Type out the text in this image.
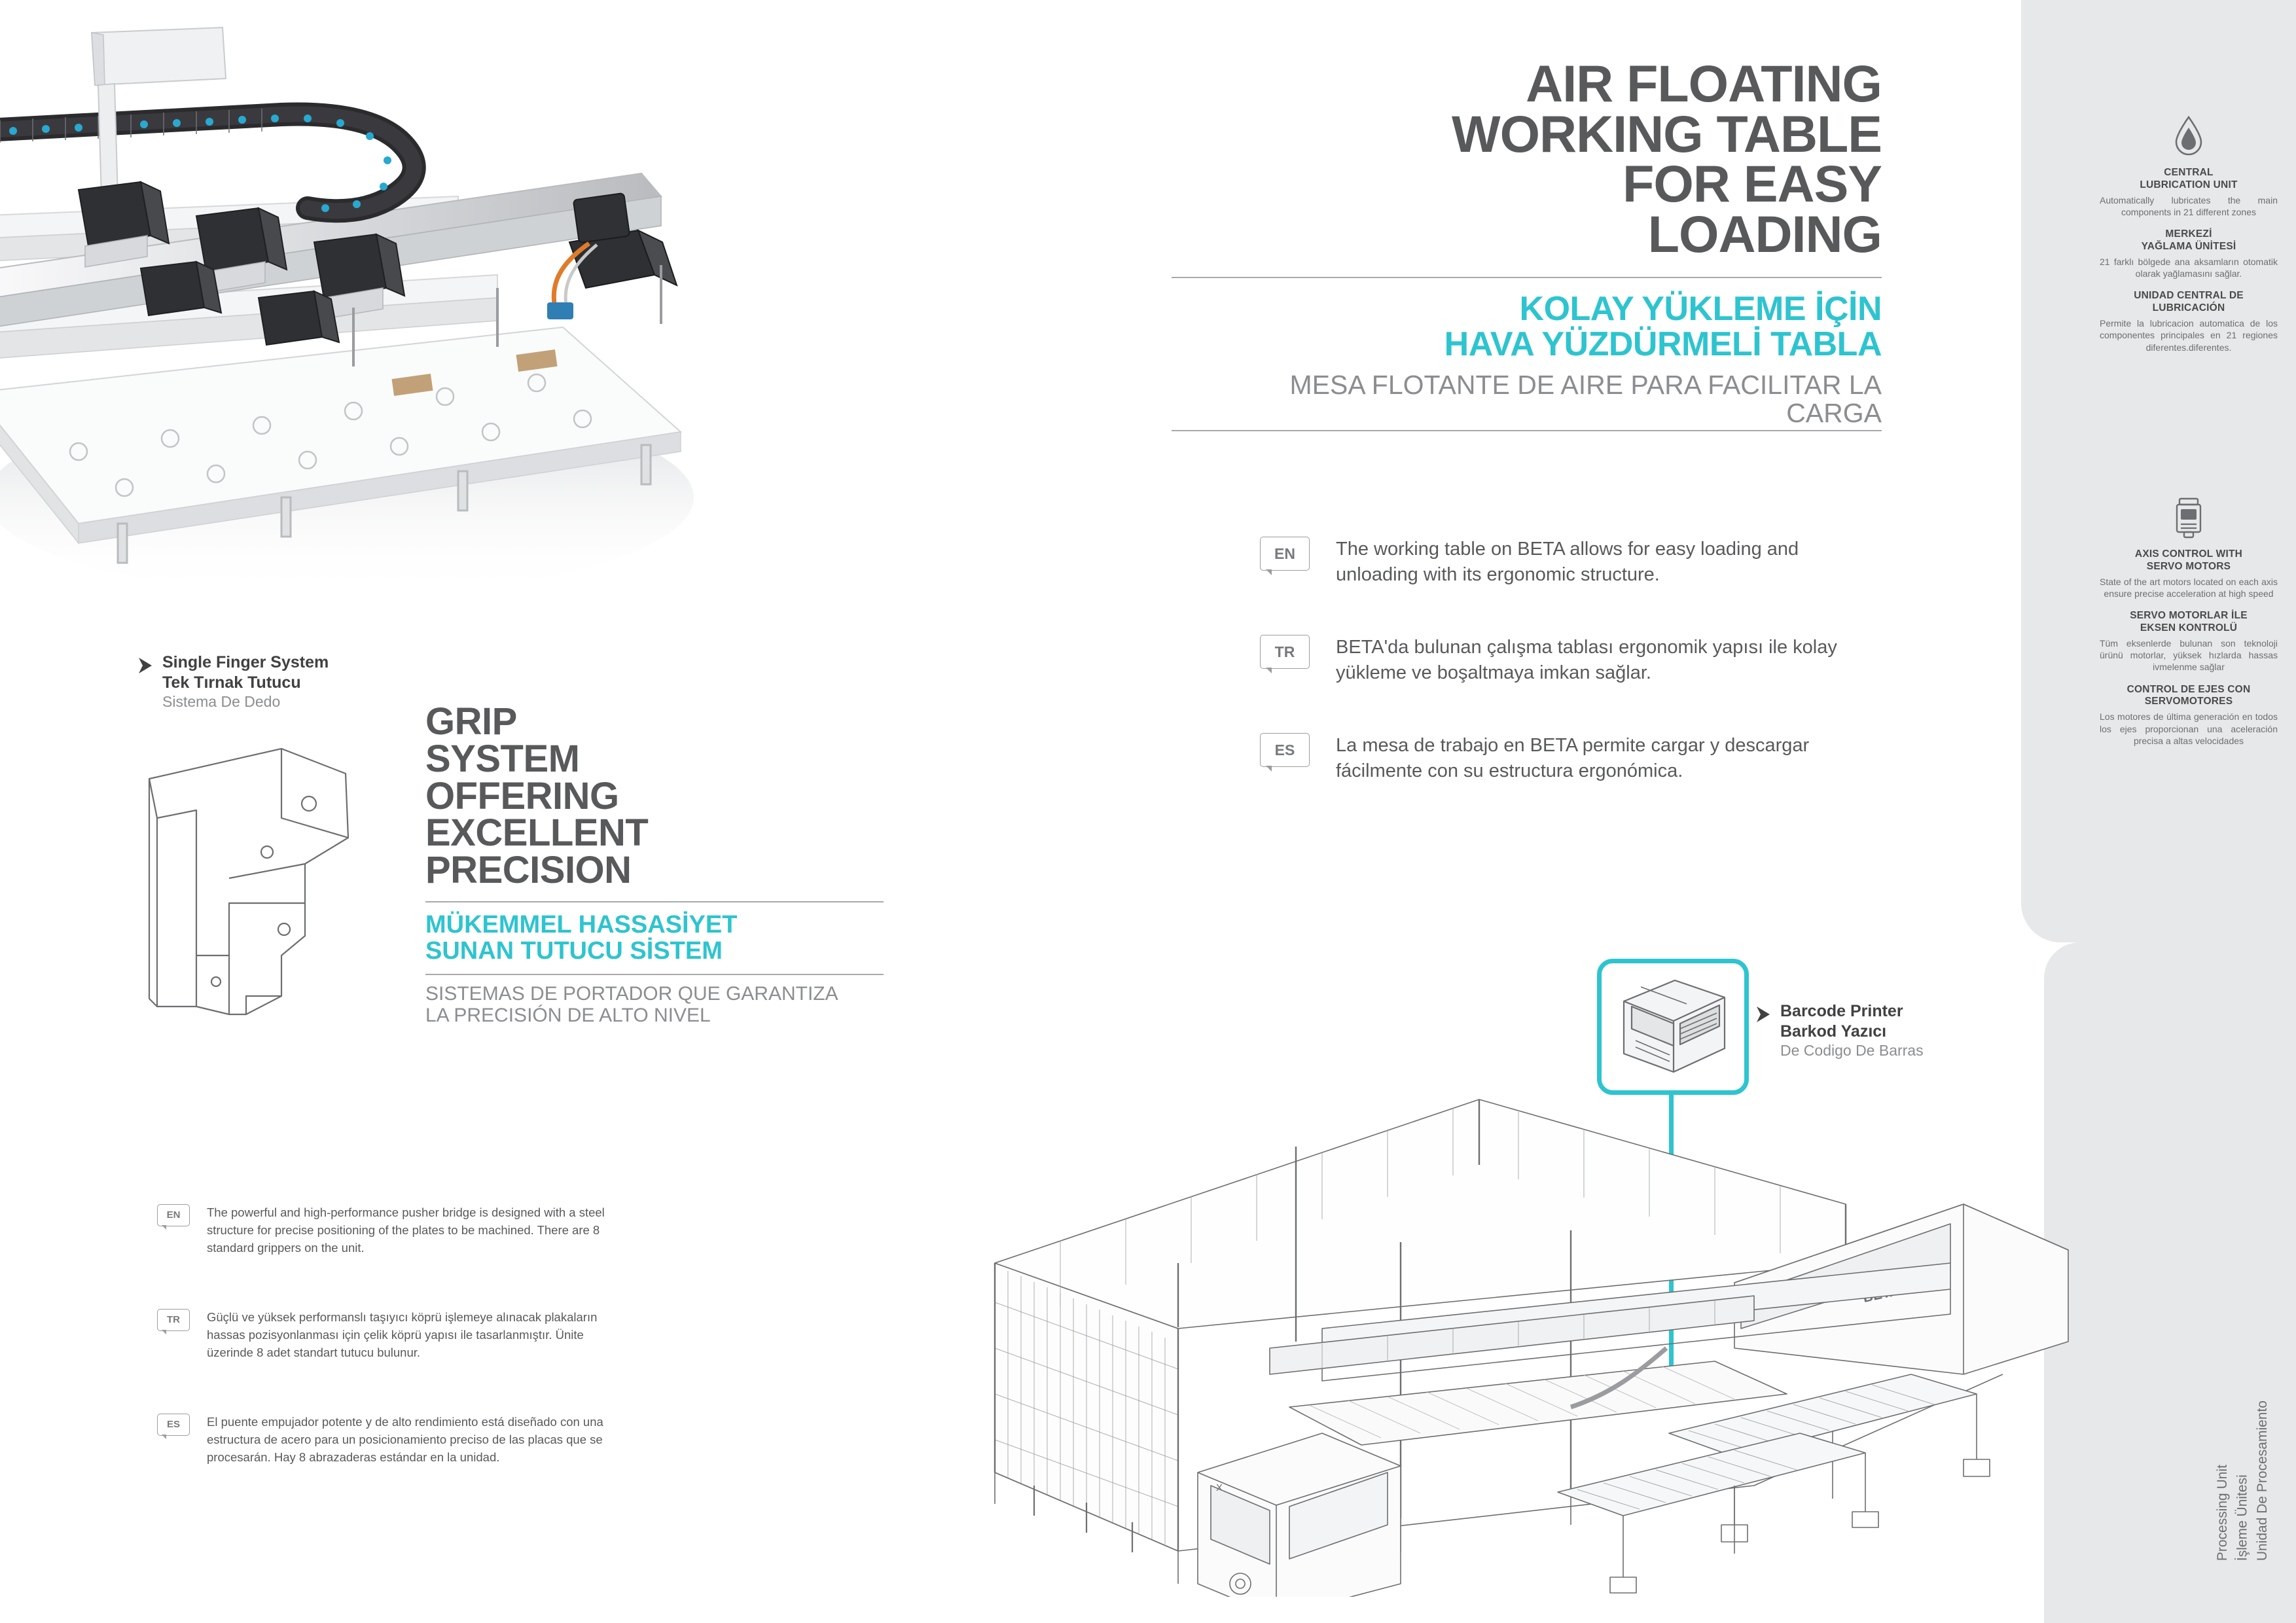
Single Finger System
Tek Tırnak Tutucu
Sistema De Dedo	GRIP
SYSTEM
OFFERING
EXCELLENT
PRECISION
MÜKEMMEL HASSASİYET
SUNAN TUTUCU SİSTEM
SISTEMAS DE PORTADOR QUE GARANTIZA
LA PRECISIÓN DE ALTO NIVEL
EN	The powerful and high-performance pusher bridge is designed with a steel structure for precise positioning of the plates to be machined. There are 8 standard grippers on the unit.
TR	Güçlü ve yüksek performanslı taşıyıcı köprü işlemeye alınacak plakaların hassas pozisyonlanması için çelik köprü yapısı ile tasarlanmıştır. Ünite üzerinde 8 adet standart tutucu bulunur.
ES	El puente empujador potente y de alto rendimiento está diseñado con una estructura de acero para un posicionamiento preciso de las placas que se procesarán. Hay 8 abrazaderas estándar en la unidad.
AIR FLOATING
WORKING TABLE
FOR EASY
LOADING
KOLAY YÜKLEME İÇİN
HAVA YÜZDÜRMELİ TABLA
MESA FLOTANTE DE AIRE PARA FACILITAR LA
CARGA
EN	The working table on BETA allows for easy loading and unloading with its ergonomic structure.
TR	BETA'da bulunan çalışma tablası ergonomik yapısı ile kolay yükleme ve boşaltmaya imkan sağlar.
ES	La mesa de trabajo en BETA permite cargar y descargar fácilmente con su estructura ergonómica.
CENTRAL
LUBRICATION UNIT
Automatically lubricates the main components in 21 different zones
MERKEZİ
YAĞLAMA ÜNİTESİ
21 farklı bölgede ana aksamların otomatik olarak yağlamasını sağlar.
UNIDAD CENTRAL DE
LUBRICACIÓN
Permite la lubricacion automatica de los componentes principales en 21 regiones diferentes.diferentes.
AXIS CONTROL WITH
SERVO MOTORS
State of the art motors located on each axis ensure precise acceleration at high speed
SERVO MOTORLAR İLE
EKSEN KONTROLÜ
Tüm eksenlerde bulunan son teknoloji ürünü motorlar, yüksek hızlarda hassas ivmelenme sağlar
CONTROL DE EJES CON
SERVOMOTORES
Los motores de última generación en todos los ejes proporcionan una aceleración precisa a altas velocidades
Barcode Printer
Barkod Yazıcı
De Codigo De Barras
X	Processing Unit İşleme Ünitesi Unidad De Procesamiento
